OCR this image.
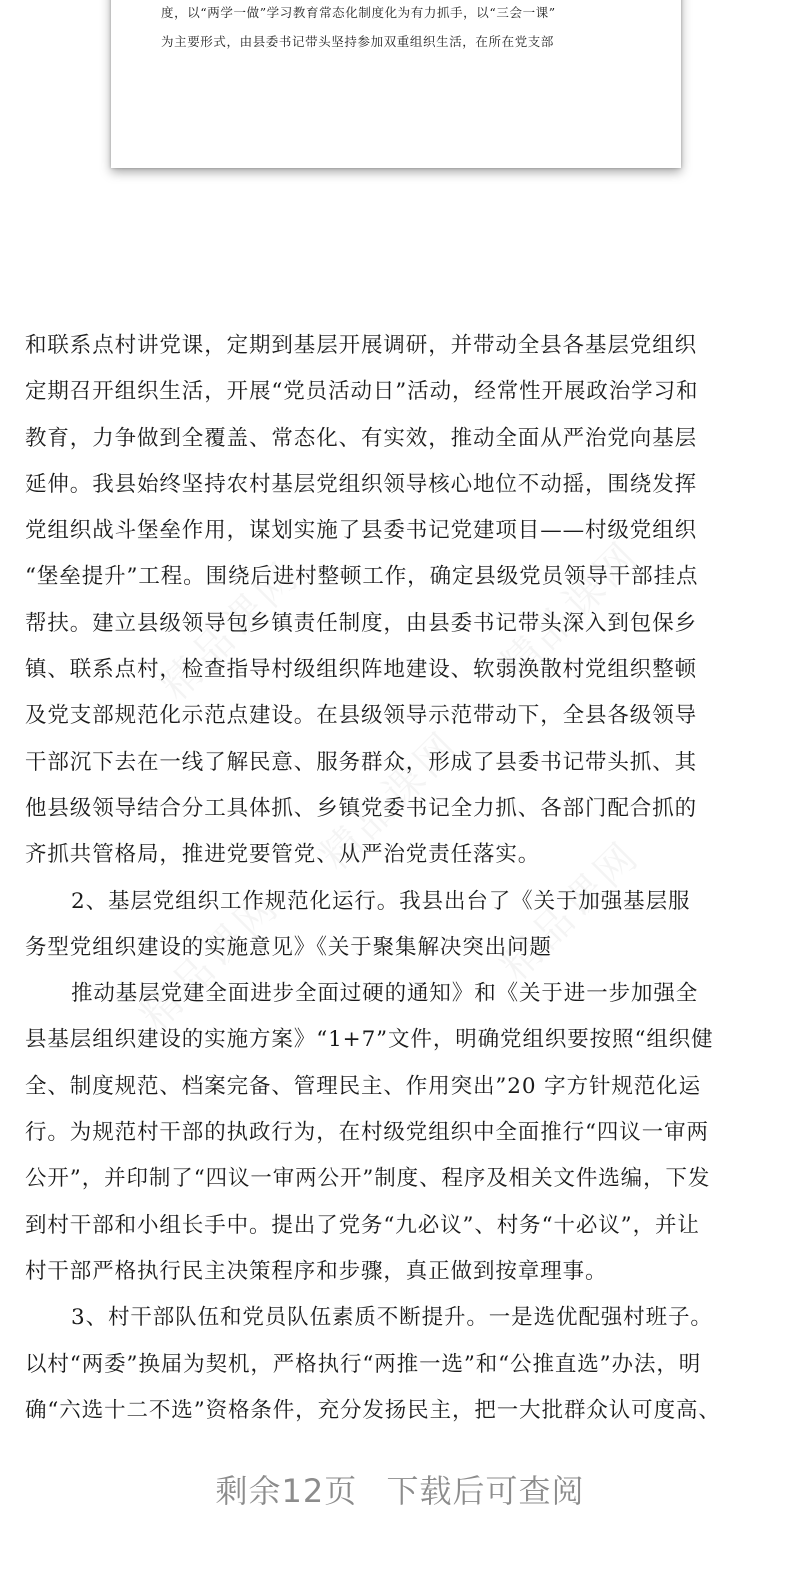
度，以“两学一做”学习教育常态化制度化为有力抓手，以“三会一课”
为主要形式，由县委书记带头坚持参加双重组织生活，在所在党支部
和联系点村讲党课，定期到基层开展调研，并带动全县各基层党组织
定期召开组织生活，开展“党员活动日”活动，经常性开展政治学习和
教育，力争做到全覆盖、常态化、有实效，推动全面从严治党向基层
延伸。我县始终坚持农村基层党组织领导核心地位不动摇，围绕发挥
党组织战斗堡垒作用，谋划实施了县委书记党建项目——村级党组织
“堡垒提升”工程。围绕后进村整顿工作，确定县级党员领导干部挂点
帮扶。建立县级领导包乡镇责任制度，由县委书记带头深入到包保乡
镇、联系点村，检查指导村级组织阵地建设、软弱涣散村党组织整顿
及党支部规范化示范点建设。在县级领导示范带动下，全县各级领导
干部沉下去在一线了解民意、服务群众，形成了县委书记带头抓、其
他县级领导结合分工具体抓、乡镇党委书记全力抓、各部门配合抓的
齐抓共管格局，推进党要管党、从严治党责任落实。
2、基层党组织工作规范化运行。我县出台了《关于加强基层服
务型党组织建设的实施意见》《关于聚集解决突出问题
推动基层党建全面进步全面过硬的通知》和《关于进一步加强全
县基层组织建设的实施方案》“1+7”文件，明确党组织要按照“组织健
全、制度规范、档案完备、管理民主、作用突出”20 字方针规范化运
行。为规范村干部的执政行为，在村级党组织中全面推行“四议一审两
公开”，并印制了“四议一审两公开”制度、程序及相关文件选编，下发
到村干部和小组长手中。提出了党务“九必议”、村务“十必议”，并让
村干部严格执行民主决策程序和步骤，真正做到按章理事。
3、村干部队伍和党员队伍素质不断提升。一是选优配强村班子。
以村“两委”换届为契机，严格执行“两推一选”和“公推直选”办法，明
确“六选十二不选”资格条件，充分发扬民主，把一大批群众认可度高、
剩余12页 下载后可查阅
